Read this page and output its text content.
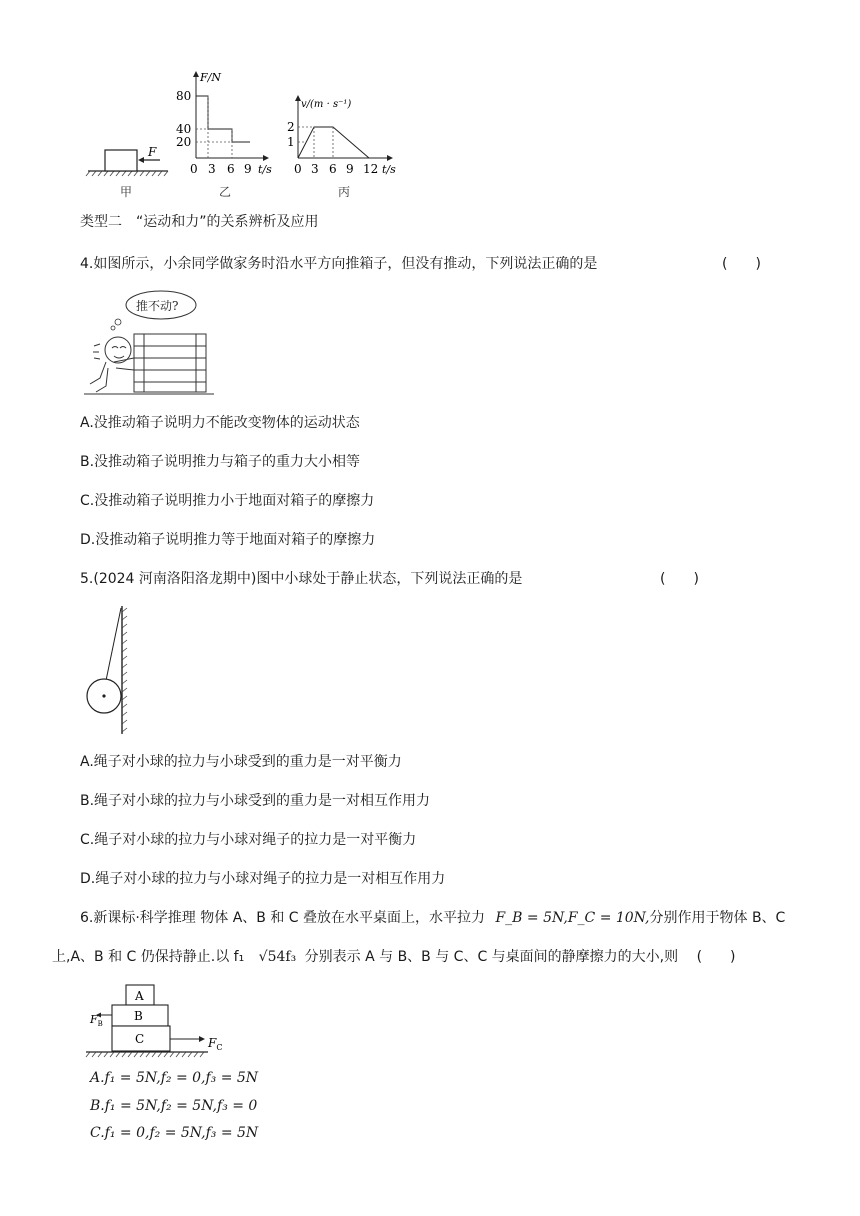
F
甲
F/N
80
40
20
0 3 6 9 t/s
乙
v/(m · s⁻¹)
2
1
0 3 6 9 12 t/s
丙
类型二　“运动和力”的关系辨析及应用
4.如图所示，小余同学做家务时沿水平方向推箱子，但没有推动，下列说法正确的是	(　　)
推不动?
A.没推动箱子说明力不能改变物体的运动状态
B.没推动箱子说明推力与箱子的重力大小相等
C.没推动箱子说明推力小于地面对箱子的摩擦力
D.没推动箱子说明推力等于地面对箱子的摩擦力
5.(2024 河南洛阳洛龙期中)图中小球处于静止状态，下列说法正确的是	(　　)
A.绳子对小球的拉力与小球受到的重力是一对平衡力
B.绳子对小球的拉力与小球受到的重力是一对相互作用力
C.绳子对小球的拉力与小球对绳子的拉力是一对平衡力
D.绳子对小球的拉力与小球对绳子的拉力是一对相互作用力
6.新课标·科学推理 物体 A、B 和 C 叠放在水平桌面上，水平拉力 F_B = 5N,F_C = 10N,分别作用于物体 B、C
上,A、B 和 C 仍保持静止.以 f₁ √54f₃ 分别表示 A 与 B、B 与 C、C 与桌面间的静摩擦力的大小,则 (　　)
A
B
C
$F_B$
$F_C$
A.f₁ = 5N,f₂ = 0,f₃ = 5N
B.f₁ = 5N,f₂ = 5N,f₃ = 0
C.f₁ = 0,f₂ = 5N,f₃ = 5N
